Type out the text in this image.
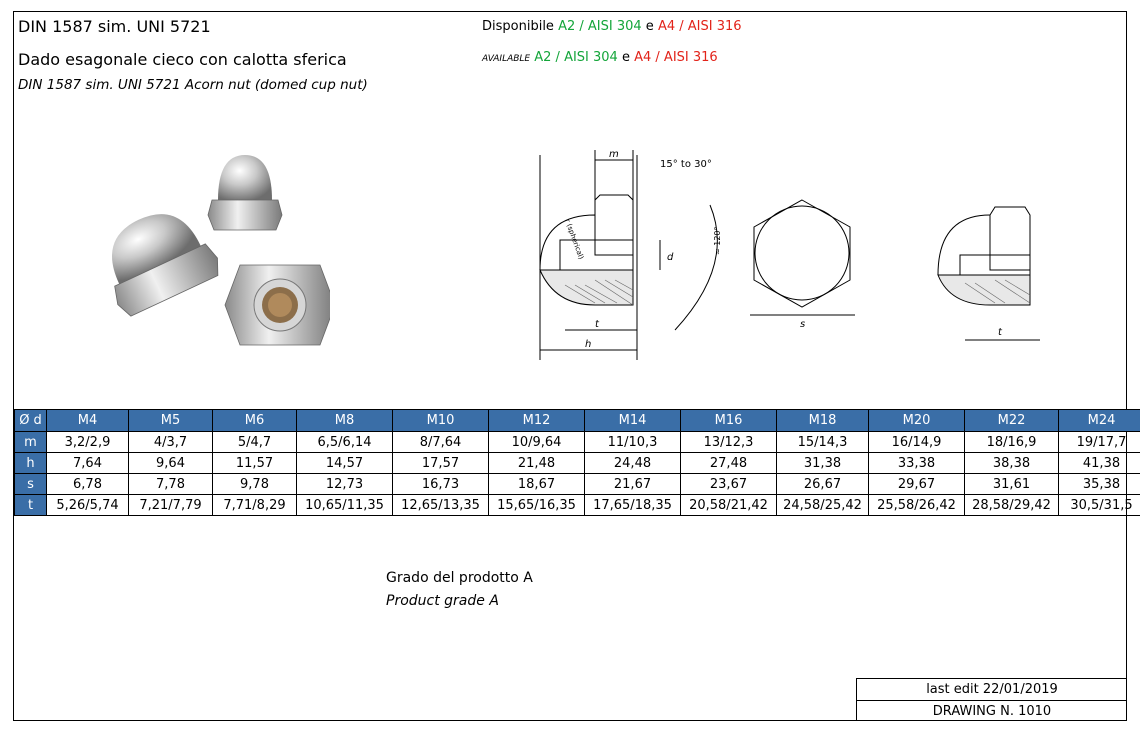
DIN 1587 sim. UNI 5721
Dado esagonale cieco con calotta sferica
DIN 1587 sim. UNI 5721 Acorn nut (domed cup nut)
Disponibile A2 / AISI 304 e A4 / AISI 316
AVAILABLE A2 / AISI 304 e A4 / AISI 316
m
15° to 30°
d
t
h
r (spherical)	≈ 120°
s
t
Ø d	M4	M5	M6	M8	M10	M12	M14	M16	M18	M20	M22	M24
m	3,2/2,9	4/3,7	5/4,7	6,5/6,14	8/7,64	10/9,64	11/10,3	13/12,3	15/14,3	16/14,9	18/16,9	19/17,7
h	7,64	9,64	11,57	14,57	17,57	21,48	24,48	27,48	31,38	33,38	38,38	41,38
s	6,78	7,78	9,78	12,73	16,73	18,67	21,67	23,67	26,67	29,67	31,61	35,38
t	5,26/5,74	7,21/7,79	7,71/8,29	10,65/11,35	12,65/13,35	15,65/16,35	17,65/18,35	20,58/21,42	24,58/25,42	25,58/26,42	28,58/29,42	30,5/31,5
Grado del prodotto A
Product grade A
last edit 22/01/2019
DRAWING N. 1010
